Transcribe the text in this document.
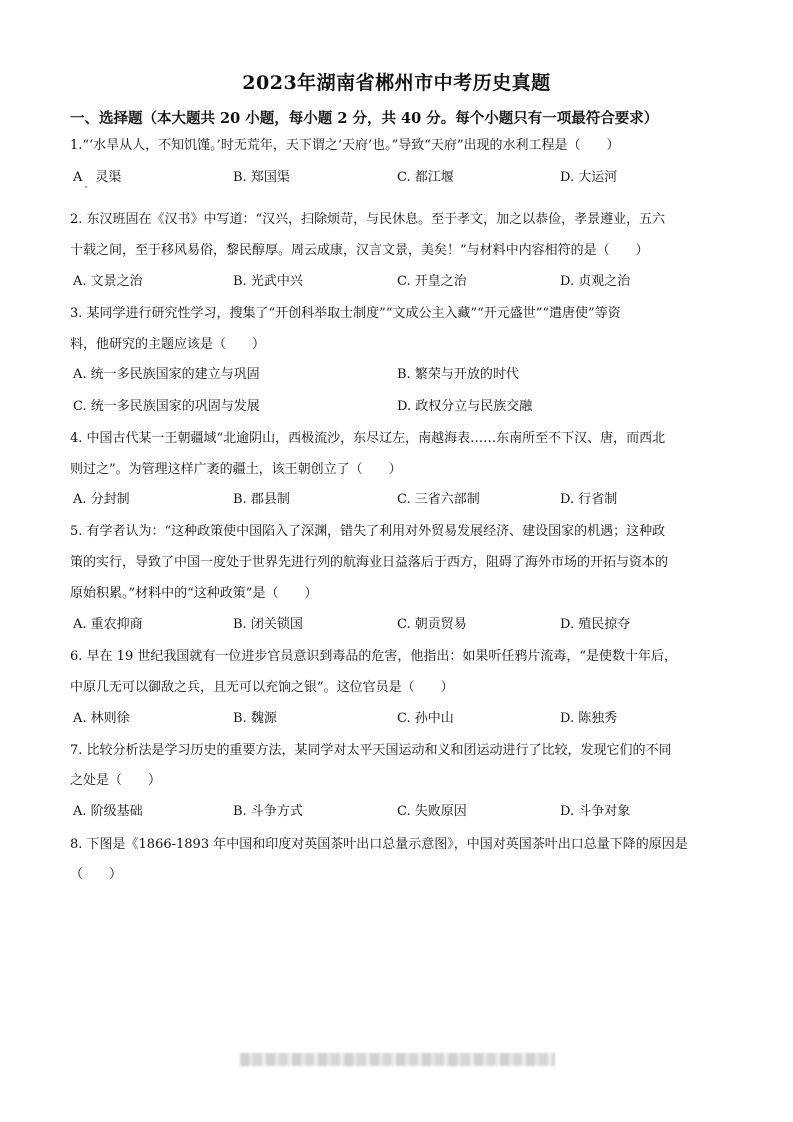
2023年湖南省郴州市中考历史真题
一、选择题（本大题共 20 小题，每小题 2 分，共 40 分。每个小题只有一项最符合要求）
1.“‘水旱从人，不知饥馑。’时无荒年，天下谓之‘天府’也。”导致“天府”出现的水利工程是（　　）
A　灵渠	B. 郑国渠	C. 都江堰	D. 大运河
2. 东汉班固在《汉书》中写道：“汉兴，扫除烦苛，与民休息。至于孝文，加之以恭俭，孝景遵业，五六
十载之间，至于移风易俗，黎民醇厚。周云成康，汉言文景，美矣！”与材料中内容相符的是（　　）
A. 文景之治	B. 光武中兴	C. 开皇之治	D. 贞观之治
3. 某同学进行研究性学习，搜集了“开创科举取士制度”“文成公主入藏”“开元盛世”“遣唐使”等资
料，他研究的主题应该是（　　）
A. 统一多民族国家的建立与巩固	B. 繁荣与开放的时代
C. 统一多民族国家的巩固与发展	D. 政权分立与民族交融
4. 中国古代某一王朝疆域“北逾阴山，西极流沙，东尽辽左，南越海表……东南所至不下汉、唐，而西北
则过之”。为管理这样广袤的疆土，该王朝创立了（　　）
A. 分封制	B. 郡县制	C. 三省六部制	D. 行省制
5. 有学者认为：“这种政策使中国陷入了深渊，错失了利用对外贸易发展经济、建设国家的机遇；这种政
策的实行，导致了中国一度处于世界先进行列的航海业日益落后于西方，阻碍了海外市场的开拓与资本的
原始积累。”材料中的“这种政策”是（　　）
A. 重农抑商	B. 闭关锁国	C. 朝贡贸易	D. 殖民掠夺
6. 早在 19 世纪我国就有一位进步官员意识到毒品的危害，他指出：如果听任鸦片流毒，“是使数十年后，
中原几无可以御敌之兵，且无可以充饷之银”。这位官员是（　　）
A. 林则徐	B. 魏源	C. 孙中山	D. 陈独秀
7. 比较分析法是学习历史的重要方法，某同学对太平天国运动和义和团运动进行了比较，发现它们的不同
之处是（　　）
A. 阶级基础	B. 斗争方式	C. 失败原因	D. 斗争对象
8. 下图是《1866-1893 年中国和印度对英国茶叶出口总量示意图》，中国对英国茶叶出口总量下降的原因是
（　　）
